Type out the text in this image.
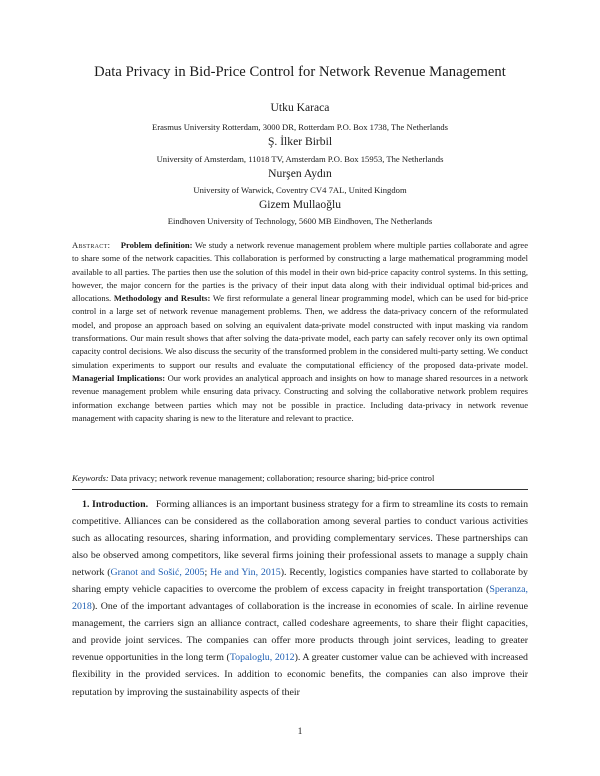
Data Privacy in Bid-Price Control for Network Revenue Management
Utku Karaca
Erasmus University Rotterdam, 3000 DR, Rotterdam P.O. Box 1738, The Netherlands
Ş. İlker Birbil
University of Amsterdam, 11018 TV, Amsterdam P.O. Box 15953, The Netherlands
Nurşen Aydın
University of Warwick, Coventry CV4 7AL, United Kingdom
Gizem Mullaoğlu
Eindhoven University of Technology, 5600 MB Eindhoven, The Netherlands
Abstract: Problem definition: We study a network revenue management problem where multiple parties collaborate and agree to share some of the network capacities. This collaboration is performed by constructing a large mathematical programming model available to all parties. The parties then use the solution of this model in their own bid-price capacity control systems. In this setting, however, the major concern for the parties is the privacy of their input data along with their individual optimal bid-prices and allocations. Methodology and Results: We first reformulate a general linear programming model, which can be used for bid-price control in a large set of network revenue management problems. Then, we address the data-privacy concern of the reformulated model, and propose an approach based on solving an equivalent data-private model constructed with input masking via random transformations. Our main result shows that after solving the data-private model, each party can safely recover only its own optimal capacity control decisions. We also discuss the security of the transformed problem in the considered multi-party setting. We conduct simulation experiments to support our results and evaluate the computational efficiency of the proposed data-private model. Managerial Implications: Our work provides an analytical approach and insights on how to manage shared resources in a network revenue management problem while ensuring data privacy. Constructing and solving the collaborative network problem requires information exchange between parties which may not be possible in practice. Including data-privacy in network revenue management with capacity sharing is new to the literature and relevant to practice.
Keywords: Data privacy; network revenue management; collaboration; resource sharing; bid-price control
1. Introduction. Forming alliances is an important business strategy for a firm to streamline its costs to remain competitive. Alliances can be considered as the collaboration among several parties to conduct various activities such as allocating resources, sharing information, and providing complementary services. These partnerships can also be observed among competitors, like several firms joining their professional assets to manage a supply chain network (Granot and Sošić, 2005; He and Yin, 2015). Recently, logistics companies have started to collaborate by sharing empty vehicle capacities to overcome the problem of excess capacity in freight transportation (Speranza, 2018). One of the important advantages of collaboration is the increase in economies of scale. In airline revenue management, the carriers sign an alliance contract, called codeshare agreements, to share their flight capacities, and provide joint services. The companies can offer more products through joint services, leading to greater revenue opportunities in the long term (Topaloglu, 2012). A greater customer value can be achieved with increased flexibility in the provided services. In addition to economic benefits, the companies can also improve their reputation by improving the sustainability aspects of their
1
